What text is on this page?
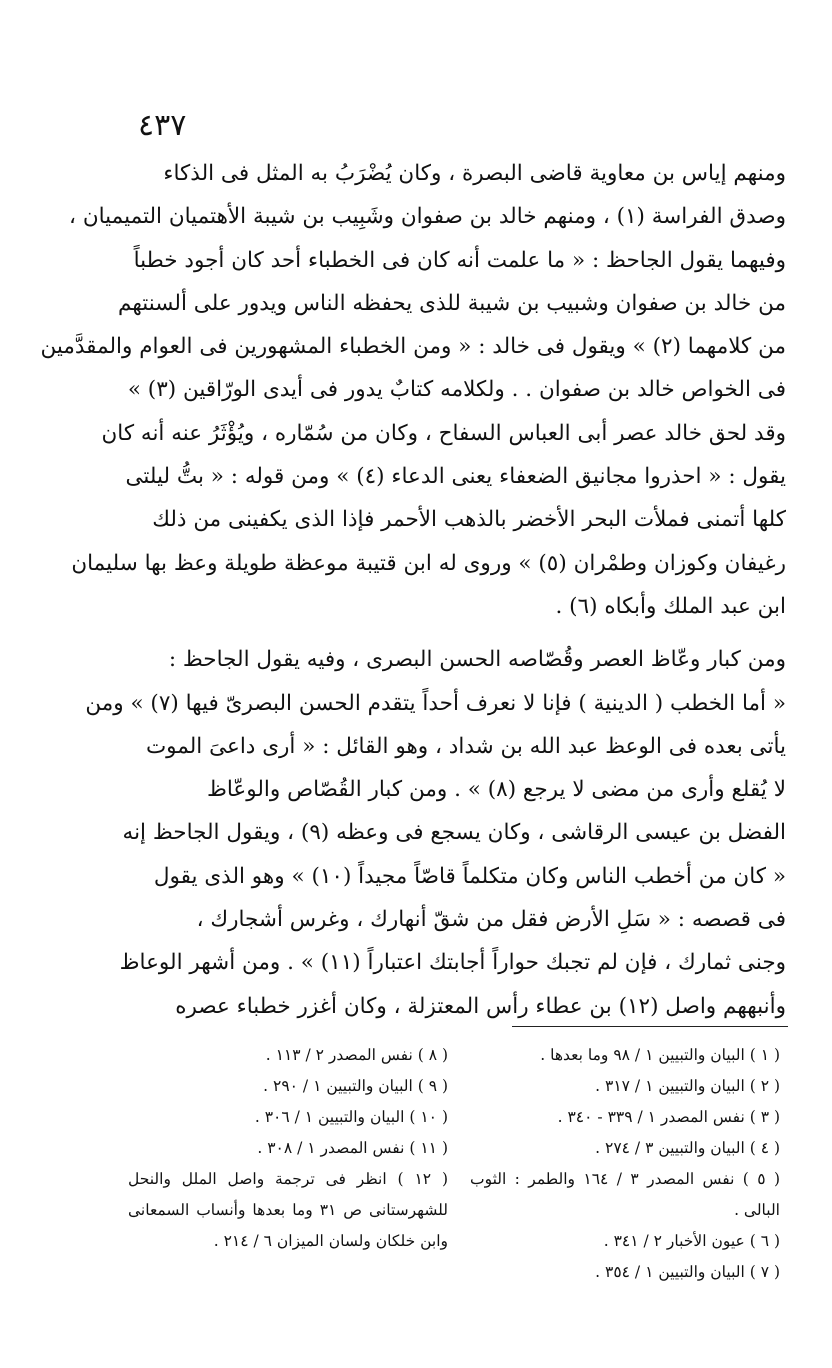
٤٣٧

ومنهم إياس بن معاوية قاضى البصرة ، وكان يُضْرَبُ به المثل فى الذكاء
وصدق الفراسة (١) ، ومنهم خالد بن صفوان وشَبِيب بن شيبة الأهتميان التميميان ،
وفيهما يقول الجاحظ : « ما علمت أنه كان فى الخطباء أحد كان أجود خطباً
من خالد بن صفوان وشبيب بن شيبة للذى يحفظه الناس ويدور على ألسنتهم
من كلامهما (٢) » ويقول فى خالد : « ومن الخطباء المشهورين فى العوام والمقدَّمين
فى الخواص خالد بن صفوان . . ولكلامه كتابٌ يدور فى أيدى الورّاقين (٣) »
وقد لحق خالد عصر أبى العباس السفاح ، وكان من سُمّاره ، ويُؤْثَرُ عنه أنه كان
يقول : « احذروا مجانيق الضعفاء يعنى الدعاء (٤) » ومن قوله : « بتُّ ليلتى
كلها أتمنى فملأت البحر الأخضر بالذهب الأحمر فإذا الذى يكفينى من ذلك
رغيفان وكوزان وطمْران (٥) » وروى له ابن قتيبة موعظة طويلة وعظ بها سليمان
ابن عبد الملك وأبكاه (٦) .

ومن كبار وعّاظ العصر وقُصّاصه الحسن البصرى ، وفيه يقول الجاحظ :
« أما الخطب ( الدينية ) فإنا لا نعرف أحداً يتقدم الحسن البصرىّ فيها (٧) » ومن
يأتى بعده فى الوعظ عبد الله بن شداد ، وهو القائل : « أرى داعىَ الموت
لا يُقلع وأرى من مضى لا يرجع (٨) » . ومن كبار القُصّاص والوعّاظ
الفضل بن عيسى الرقاشى ، وكان يسجع فى وعظه (٩) ، ويقول الجاحظ إنه
« كان من أخطب الناس وكان متكلماً قاصّاً مجيداً (١٠) » وهو الذى يقول
فى قصصه : « سَلِ الأرض فقل من شقّ أنهارك ، وغرس أشجارك ،
وجنى ثمارك ، فإن لم تجبك حواراً أجابتك اعتباراً (١١) » . ومن أشهر الوعاظ
وأنبههم واصل (١٢) بن عطاء رأس المعتزلة ، وكان أغزر خطباء عصره

( ١ ) البيان والتبيين ١ / ٩٨ وما بعدها .
( ٢ ) البيان والتبيين ١ / ٣١٧ .
( ٣ ) نفس المصدر ١ / ٣٣٩ - ٣٤٠ .
( ٤ ) البيان والتبيين ٣ / ٢٧٤ .
( ٥ ) نفس المصدر ٣ / ١٦٤ والطمر : الثوب البالى .
( ٦ ) عيون الأخبار ٢ / ٣٤١ .
( ٧ ) البيان والتبيين ١ / ٣٥٤ .
( ٨ ) نفس المصدر ٢ / ١١٣ .
( ٩ ) البيان والتبيين ١ / ٢٩٠ .
( ١٠ ) البيان والتبيين ١ / ٣٠٦ .
( ١١ ) نفس المصدر ١ / ٣٠٨ .
( ١٢ ) انظر فى ترجمة واصل الملل والنحل للشهرستانى ص ٣١ وما بعدها وأنساب السمعانى وابن خلكان ولسان الميزان ٦ / ٢١٤ .
